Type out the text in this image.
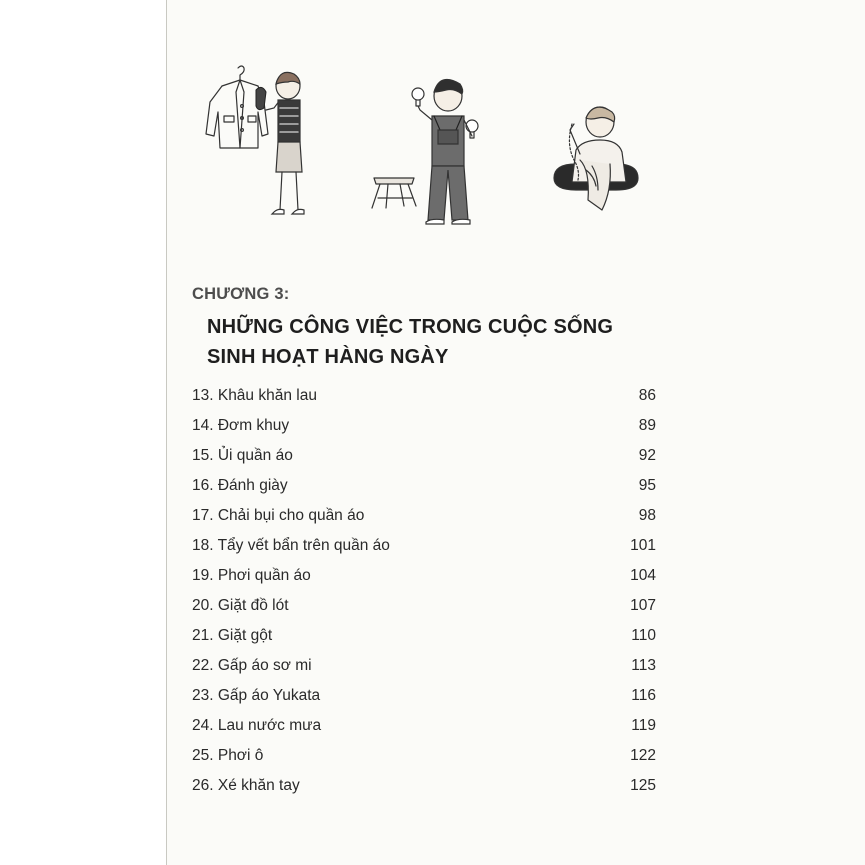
CHƯƠNG 3:
NHỮNG CÔNG VIỆC TRONG CUỘC SỐNG
SINH HOẠT HÀNG NGÀY
13. Khâu khăn lau	86
14. Đơm khuy	89
15. Ủi quần áo	92
16. Đánh giày	95
17. Chải bụi cho quần áo	98
18. Tẩy vết bẩn trên quần áo	101
19. Phơi quần áo	104
20. Giặt đồ lót	107
21. Giặt gột	110
22. Gấp áo sơ mi	113
23. Gấp áo Yukata	116
24. Lau nước mưa	119
25. Phơi ô	122
26. Xé khăn tay	125
